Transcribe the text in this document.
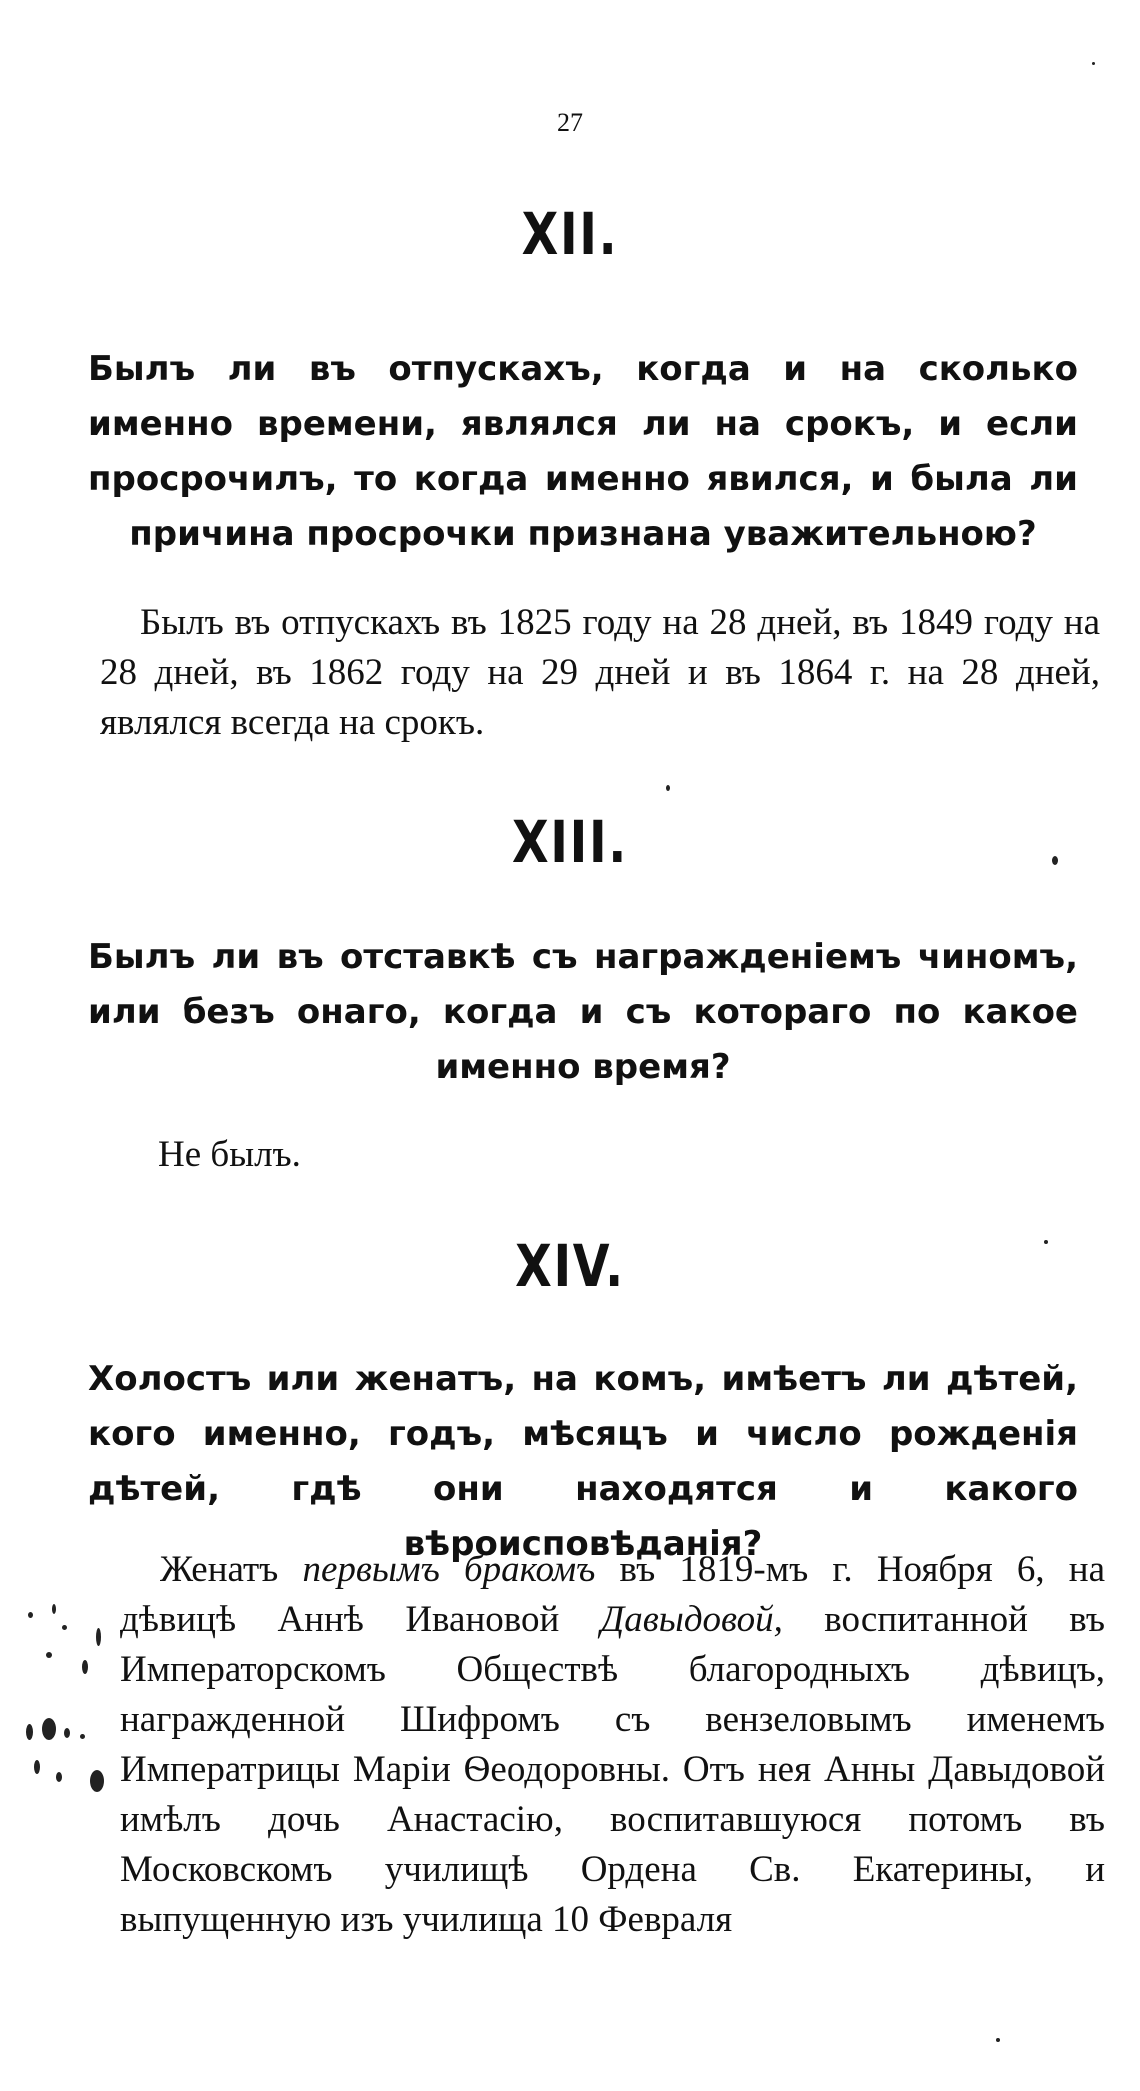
27
XII.
Былъ ли въ отпускахъ, когда и на сколько именно времени, являлся ли на срокъ, и если просрочилъ, то когда именно явился, и была ли причина просрочки признана уважительною?
Былъ въ отпускахъ въ 1825 году на 28 дней, въ 1849 году на 28 дней, въ 1862 году на 29 дней и въ 1864 г. на 28 дней, являлся всегда на срокъ.
XIII.
Былъ ли въ отставкѣ съ награжденіемъ чиномъ, или безъ онаго, когда и съ котораго по какое именно время?
Не былъ.
XIV.
Холостъ или женатъ, на комъ, имѣетъ ли дѣтей, кого именно, годъ, мѣсяцъ и число рожденія дѣтей, гдѣ они находятся и какого вѣроисповѣданія?
Женатъ первымъ бракомъ въ 1819-мъ г. Ноября 6, на дѣвицѣ Аннѣ Ивановой Давыдовой, воспитанной въ Императорскомъ Обществѣ благородныхъ дѣвицъ, награжденной Шифромъ съ вензеловымъ именемъ Императрицы Маріи Ѳеодоровны. Отъ нея Анны Давыдовой имѣлъ дочь Анастасію, воспитавшуюся потомъ въ Московскомъ училищѣ Ордена Св. Екатерины, и выпущенную изъ училища 10 Февраля
